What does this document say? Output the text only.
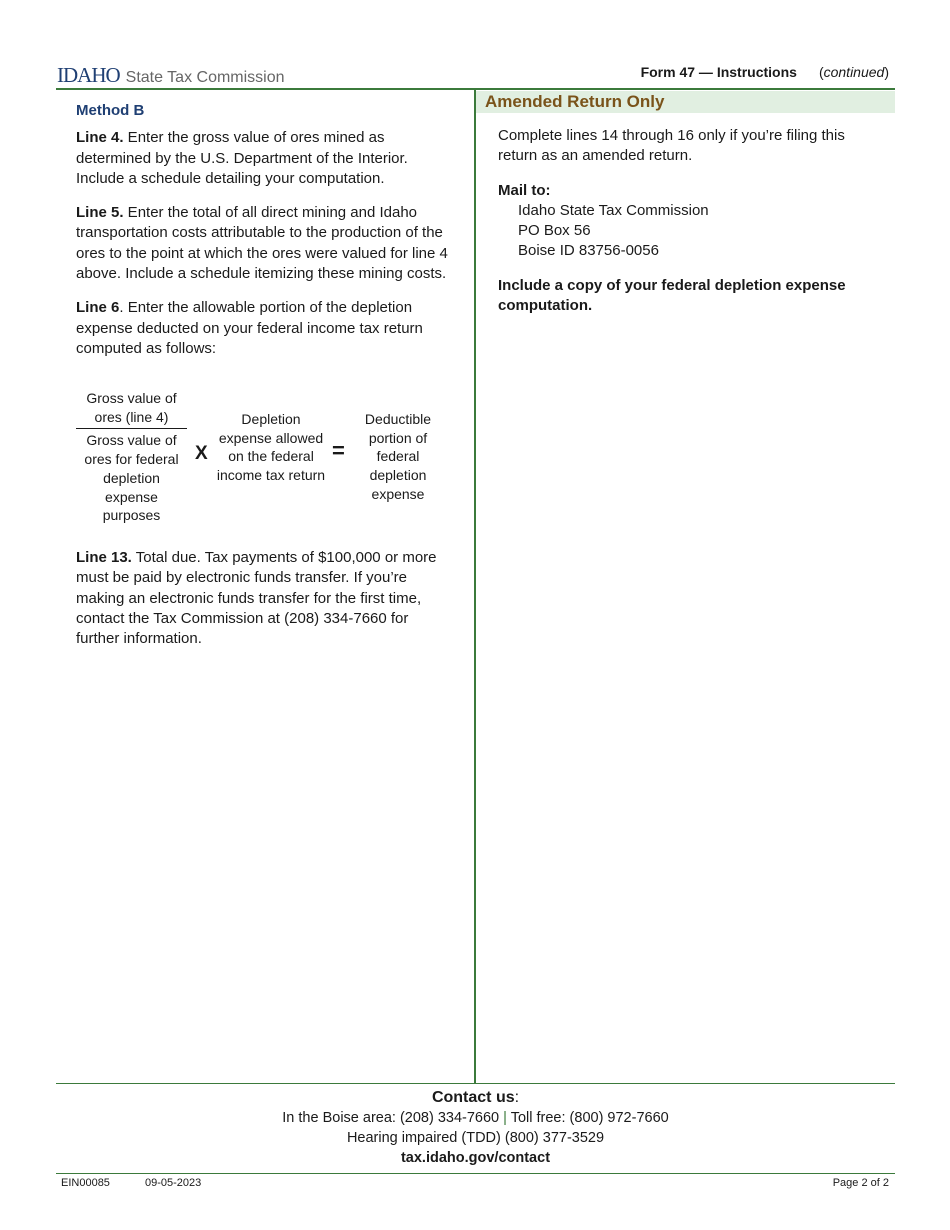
IDAHO State Tax Commission	Form 47 — Instructions (continued)

Method B

Line 4. Enter the gross value of ores mined as determined by the U.S. Department of the Interior. Include a schedule detailing your computation.

Line 5. Enter the total of all direct mining and Idaho transportation costs attributable to the production of the ores to the point at which the ores were valued for line 4 above. Include a schedule itemizing these mining costs.

Line 6. Enter the allowable portion of the depletion expense deducted on your federal income tax return computed as follows:

Gross value of ores (line 4)
Gross value of ores for federal depletion expense purposes
X
Depletion expense allowed on the federal income tax return
=
Deductible portion of federal depletion expense

Line 13. Total due. Tax payments of $100,000 or more must be paid by electronic funds transfer. If you’re making an electronic funds transfer for the first time, contact the Tax Commission at (208) 334-7660 for further information.

Amended Return Only

Complete lines 14 through 16 only if you’re filing this return as an amended return.

Mail to:

Idaho State Tax Commission
PO Box 56
Boise ID 83756-0056

Include a copy of your federal depletion expense computation.

Contact us:
In the Boise area: (208) 334-7660 | Toll free: (800) 972-7660
Hearing impaired (TDD) (800) 377-3529
tax.idaho.gov/contact
EIN00085	09-05-2023	Page 2 of 2
